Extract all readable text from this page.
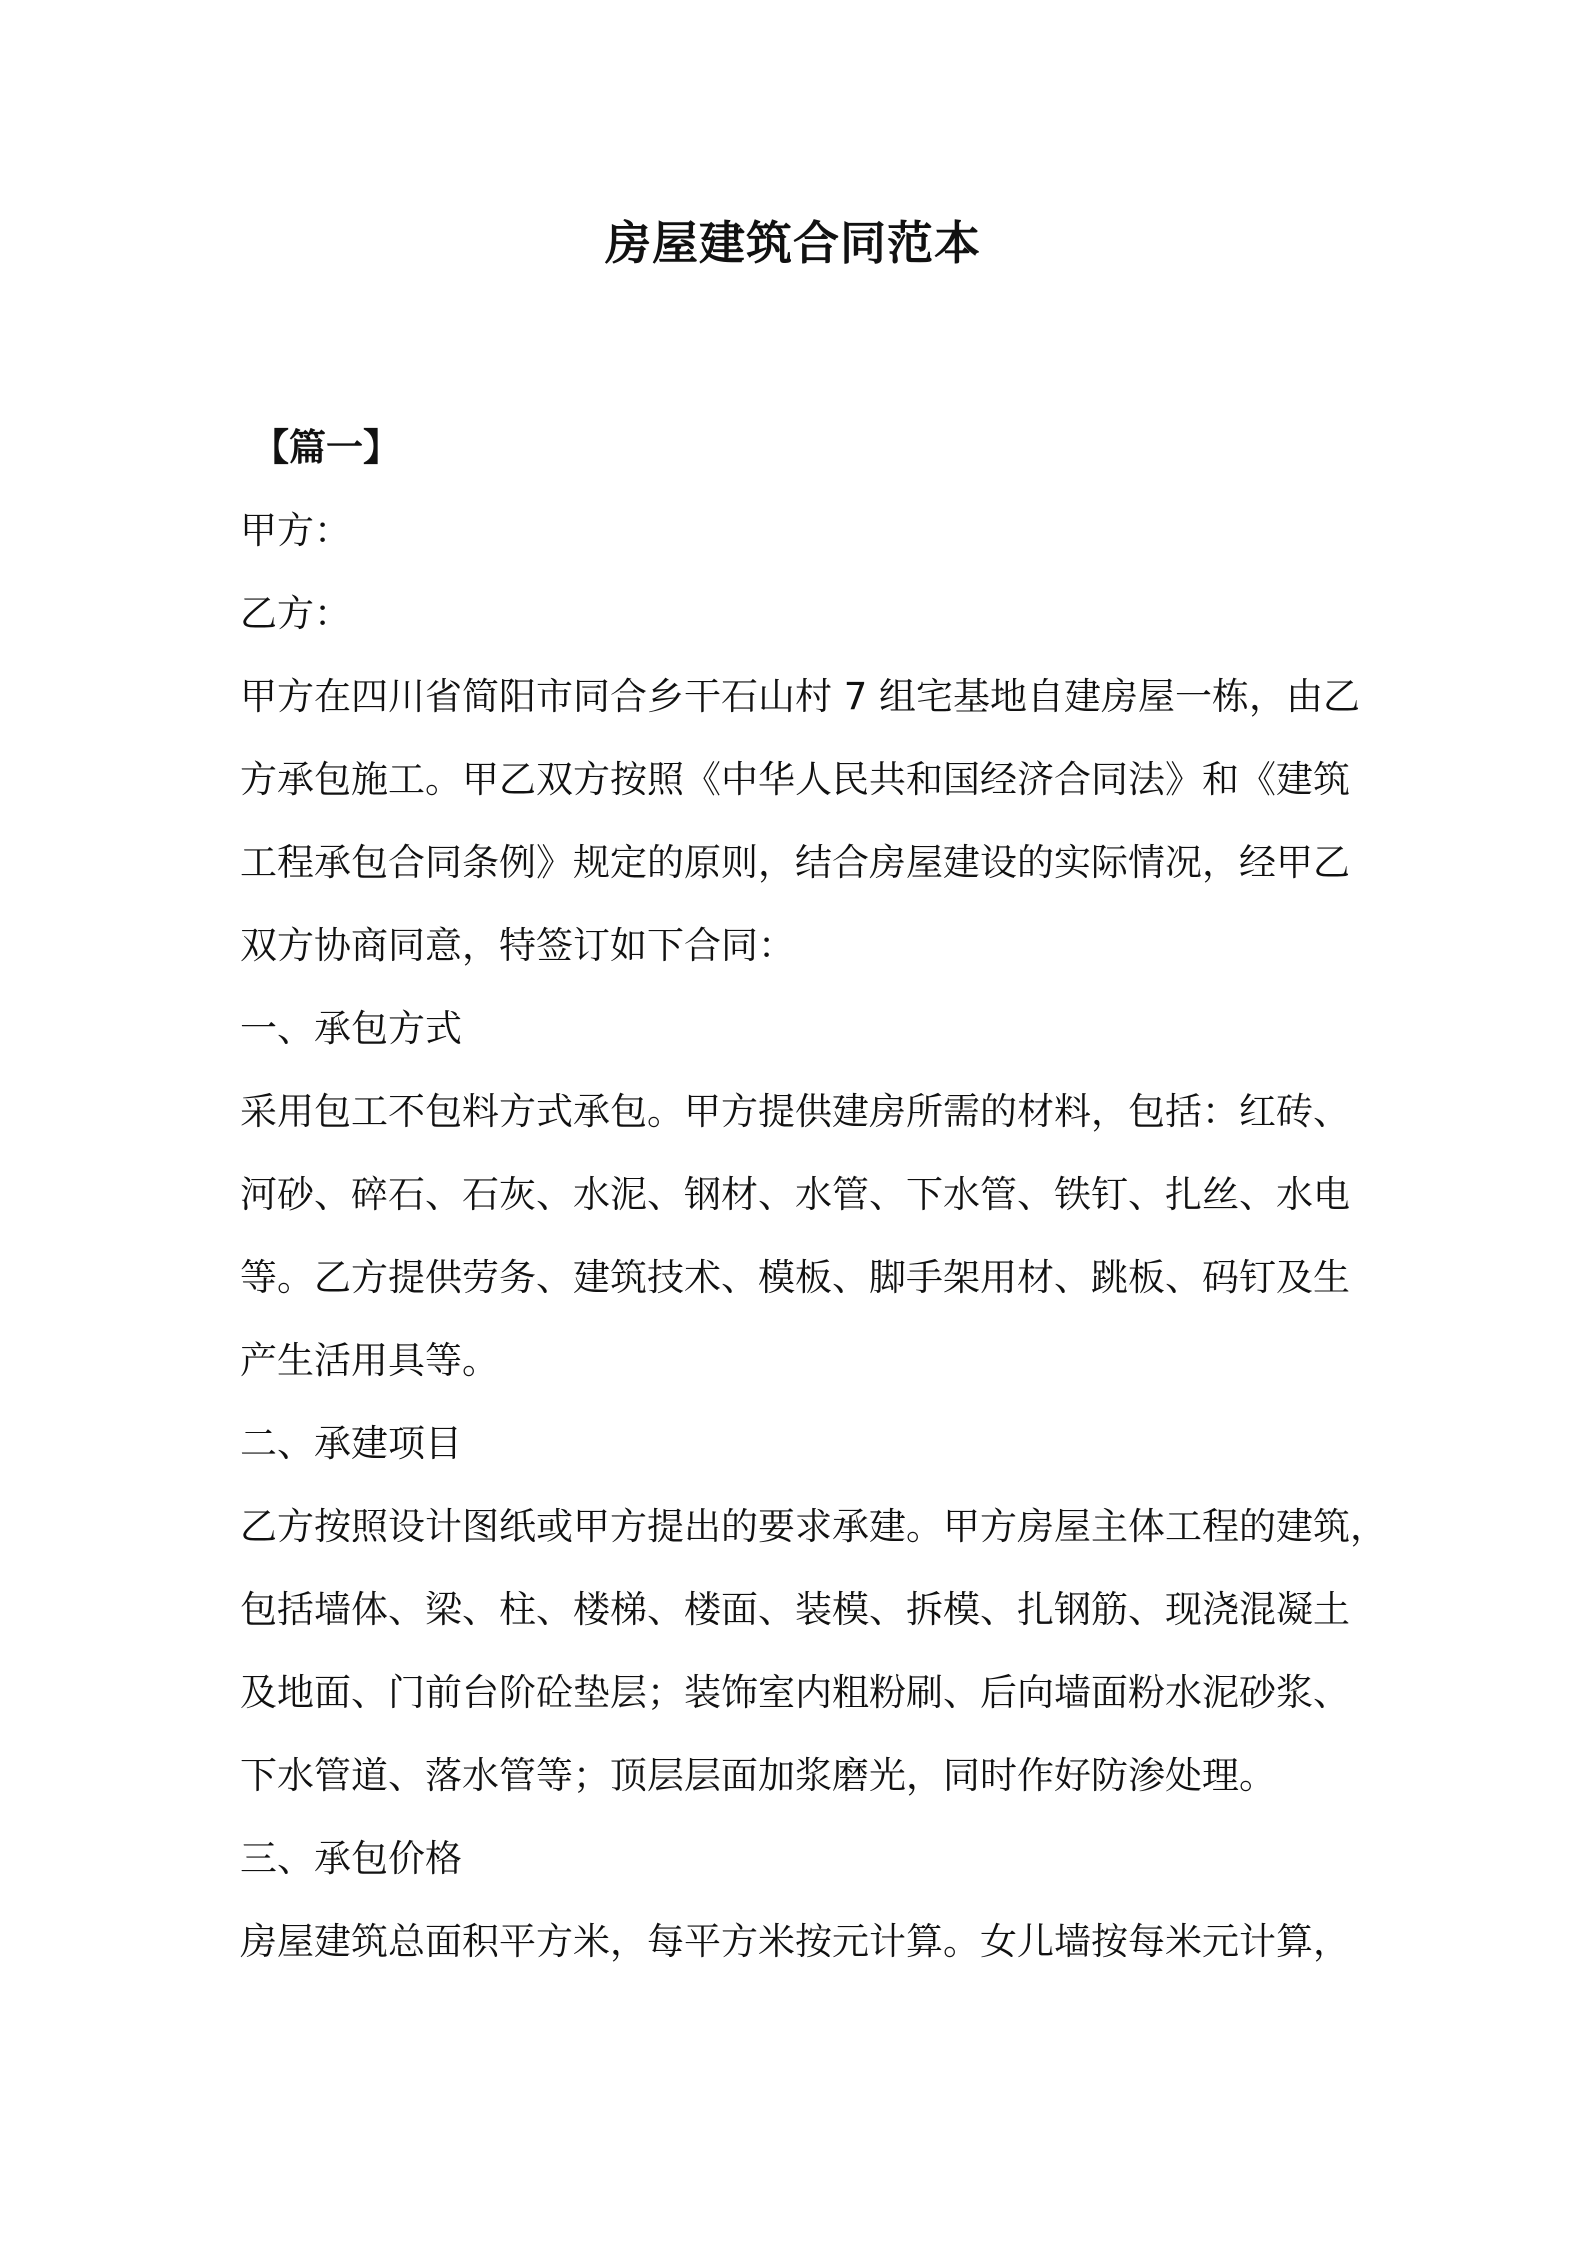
房屋建筑合同范本
【篇一】
甲方：
乙方：
甲方在四川省简阳市同合乡干石山村 7 组宅基地自建房屋一栋，由乙
方承包施工。甲乙双方按照《中华人民共和国经济合同法》和《建筑
工程承包合同条例》规定的原则，结合房屋建设的实际情况，经甲乙
双方协商同意，特签订如下合同：
一、承包方式
采用包工不包料方式承包。甲方提供建房所需的材料，包括：红砖、
河砂、碎石、石灰、水泥、钢材、水管、下水管、铁钉、扎丝、水电
等。乙方提供劳务、建筑技术、模板、脚手架用材、跳板、码钉及生
产生活用具等。
二、承建项目
乙方按照设计图纸或甲方提出的要求承建。甲方房屋主体工程的建筑，
包括墙体、梁、柱、楼梯、楼面、装模、拆模、扎钢筋、现浇混凝土
及地面、门前台阶砼垫层；装饰室内粗粉刷、后向墙面粉水泥砂浆、
下水管道、落水管等；顶层层面加浆磨光，同时作好防渗处理。
三、承包价格
房屋建筑总面积平方米，每平方米按元计算。女儿墙按每米元计算，
